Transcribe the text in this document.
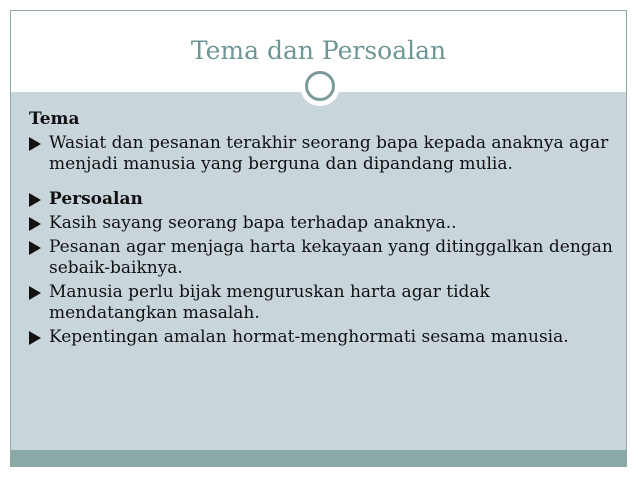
Tema dan Persoalan
Tema
Wasiat dan pesanan terakhir seorang bapa kepada anaknya agar menjadi manusia yang berguna dan dipandang mulia.
Persoalan
Kasih sayang seorang bapa terhadap anaknya..
Pesanan agar menjaga harta kekayaan yang ditinggalkan dengan sebaik-baiknya.
Manusia perlu bijak menguruskan harta agar tidak mendatangkan masalah.
Kepentingan amalan hormat-menghormati sesama manusia.
